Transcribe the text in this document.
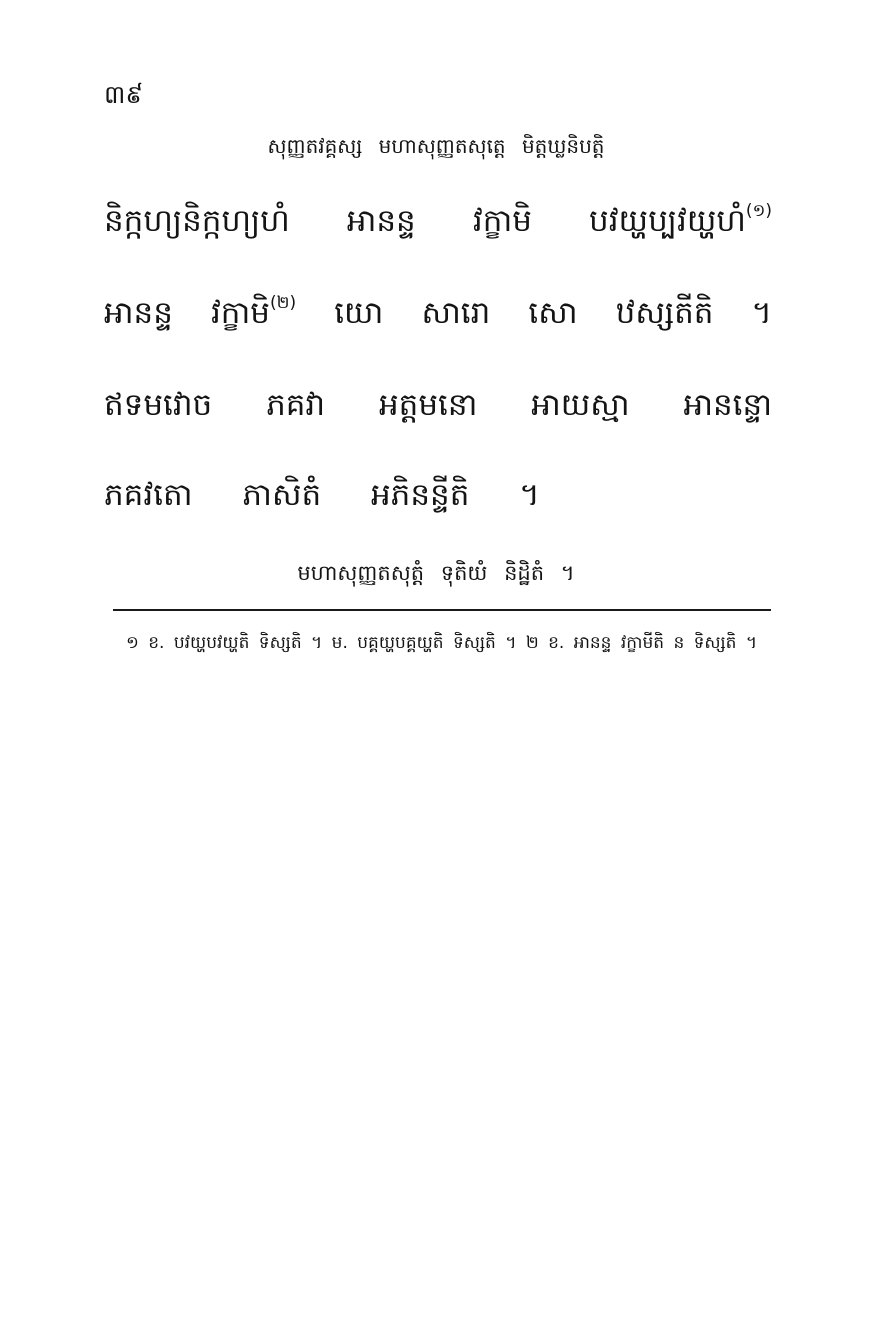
៣៩

សុញ្ញតវគ្គស្ស មហាសុញ្ញតសុត្តេ មិត្តឃ្លនិបត្តិ

និក្កហ្យនិក្កហ្យហំ អានន្ទ វក្ខាមិ បវយ្ហប្បវយ្ហហំ$^{(១)}$

អានន្ទ វក្ខាមិ$^{(២)}$ យោ សារោ សោ ឋស្សតីតិ ។

ឥទមវោច ភគវា អត្តមនោ អាយស្មា អានន្ទោ

ភគវតោ ភាសិតំ អភិនន្ទីតិ ។

មហាសុញ្ញតសុត្តំ ទុតិយំ និដ្ឋិតំ ។

១ ខ. បវយ្ហបវយ្ហតិ ទិស្សតិ ។ ម. បគ្គយ្ហបគ្គយ្ហតិ ទិស្សតិ ។ ២ ខ. អានន្ទ វក្ខាមីតិ ន ទិស្សតិ ។
